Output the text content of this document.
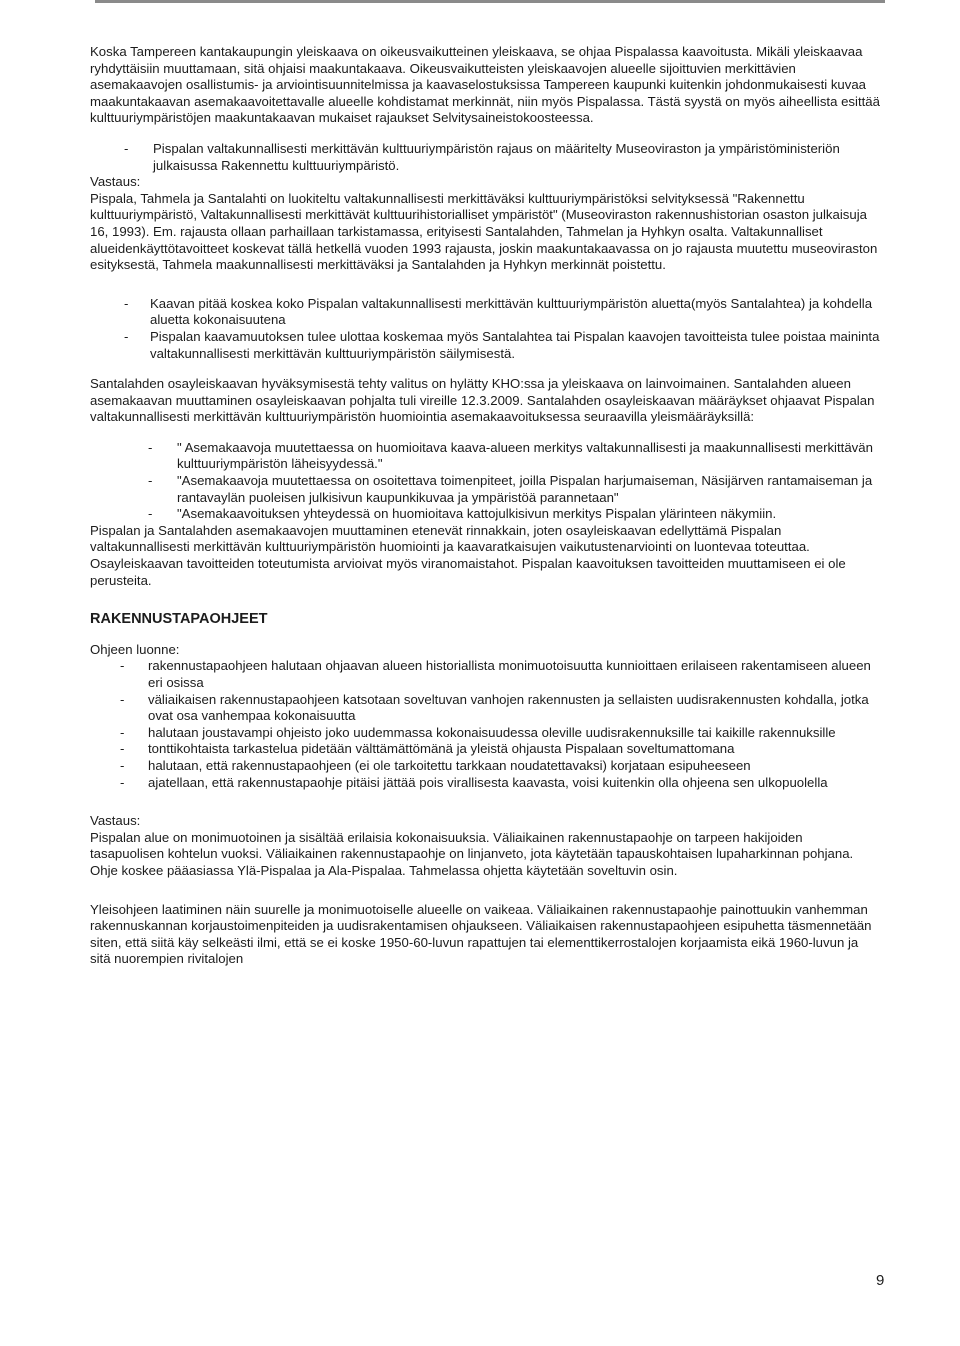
Koska Tampereen kantakaupungin yleiskaava on oikeusvaikutteinen yleiskaava, se ohjaa Pispalassa kaavoitusta. Mikäli yleiskaavaa ryhdyttäisiin muuttamaan, sitä ohjaisi maakuntakaava. Oikeusvaikutteisten yleiskaavojen alueelle sijoittuvien merkittävien asemakaavojen osallistumis- ja arviointisuunnitelmissa ja kaavaselostuksissa Tampereen kaupunki kuitenkin johdonmukaisesti kuvaa maakuntakaavan asemakaavoitettavalle alueelle kohdistamat merkinnät, niin myös Pispalassa. Tästä syystä on myös aiheellista esittää kulttuuriympäristöjen maakuntakaavan mukaiset rajaukset Selvitysaineistokoosteessa.

- Pispalan valtakunnallisesti merkittävän kulttuuriympäristön rajaus on määritelty Museoviraston ja ympäristöministeriön julkaisussa Rakennettu kulttuuriympäristö.

Vastaus:

Pispala, Tahmela ja Santalahti on luokiteltu valtakunnallisesti merkittäväksi kulttuuriympäristöksi selvityksessä "Rakennettu kulttuuriympäristö, Valtakunnallisesti merkittävät kulttuurihistorialliset ympäristöt" (Museoviraston rakennushistorian osaston julkaisuja 16, 1993). Em. rajausta ollaan parhaillaan tarkistamassa, erityisesti Santalahden, Tahmelan ja Hyhkyn osalta. Valtakunnalliset alueidenkäyttötavoitteet koskevat tällä hetkellä vuoden 1993 rajausta, joskin maakuntakaavassa on jo rajausta muutettu museoviraston esityksestä, Tahmela maakunnallisesti merkittäväksi ja Santalahden ja Hyhkyn merkinnät poistettu.

- Kaavan pitää koskea koko Pispalan valtakunnallisesti merkittävän kulttuuriympäristön aluetta(myös Santalahtea) ja kohdella aluetta kokonaisuutena
- Pispalan kaavamuutoksen tulee ulottaa koskemaa myös Santalahtea tai Pispalan kaavojen tavoitteista tulee poistaa maininta valtakunnallisesti merkittävän kulttuuriympäristön säilymisestä.

Santalahden osayleiskaavan hyväksymisestä tehty valitus on hylätty KHO:ssa ja yleiskaava on lainvoimainen. Santalahden alueen asemakaavan muuttaminen osayleiskaavan pohjalta tuli vireille 12.3.2009. Santalahden osayleiskaavan määräykset ohjaavat Pispalan valtakunnallisesti merkittävän kulttuuriympäristön huomiointia asemakaavoituksessa seuraavilla yleismääräyksillä:

- " Asemakaavoja muutettaessa on huomioitava kaava-alueen merkitys valtakunnallisesti ja maakunnallisesti merkittävän kulttuuriympäristön läheisyydessä."
- "Asemakaavoja muutettaessa on osoitettava toimenpiteet, joilla Pispalan harjumaiseman, Näsijärven rantamaiseman ja rantavaylän puoleisen julkisivun kaupunkikuvaa ja ympäristöä parannetaan"
- "Asemakaavoituksen yhteydessä on huomioitava kattojulkisivun merkitys Pispalan ylärinteen näkymiin.

Pispalan ja Santalahden asemakaavojen muuttaminen etenevät rinnakkain, joten osayleiskaavan edellyttämä Pispalan valtakunnallisesti merkittävän kulttuuriympäristön huomiointi ja kaavaratkaisujen vaikutustenarviointi on luontevaa toteuttaa. Osayleiskaavan tavoitteiden toteutumista arvioivat myös viranomaistahot. Pispalan kaavoituksen tavoitteiden muuttamiseen ei ole perusteita.

RAKENNUSTAPAOHJEET

Ohjeen luonne:

- rakennustapaohjeen halutaan ohjaavan alueen historiallista monimuotoisuutta kunnioittaen erilaiseen rakentamiseen alueen eri osissa
- väliaikaisen rakennustapaohjeen katsotaan soveltuvan vanhojen rakennusten ja sellaisten uudisrakennusten kohdalla, jotka ovat osa vanhempaa kokonaisuutta
- halutaan joustavampi ohjeisto joko uudemmassa kokonaisuudessa oleville uudisrakennuksille tai kaikille rakennuksille
- tonttikohtaista tarkastelua pidetään välttämättömänä ja yleistä ohjausta Pispalaan soveltumattomana
- halutaan, että rakennustapaohjeen (ei ole tarkoitettu tarkkaan noudatettavaksi) korjataan esipuheeseen
- ajatellaan, että rakennustapaohje pitäisi jättää pois virallisesta kaavasta, voisi kuitenkin olla ohjeena sen ulkopuolella

Vastaus:

Pispalan alue on monimuotoinen ja sisältää erilaisia kokonaisuuksia. Väliaikainen rakennustapaohje on tarpeen hakijoiden tasapuolisen kohtelun vuoksi. Väliaikainen rakennustapaohje on linjanveto, jota käytetään tapauskohtaisen lupaharkinnan pohjana. Ohje koskee pääasiassa Ylä-Pispalaa ja Ala-Pispalaa. Tahmelassa ohjetta käytetään soveltuvin osin.

Yleisohjeen laatiminen näin suurelle ja monimuotoiselle alueelle on vaikeaa. Väliaikainen rakennustapaohje painottuukin vanhemman rakennuskannan korjaustoimenpiteiden ja uudisrakentamisen ohjaukseen. Väliaikaisen rakennustapaohjeen esipuhetta täsmennetään siten, että siitä käy selkeästi ilmi, että se ei koske 1950-60-luvun rapattujen tai elementtikerrostalojen korjaamista eikä 1960-luvun ja sitä nuorempien rivitalojen

9
